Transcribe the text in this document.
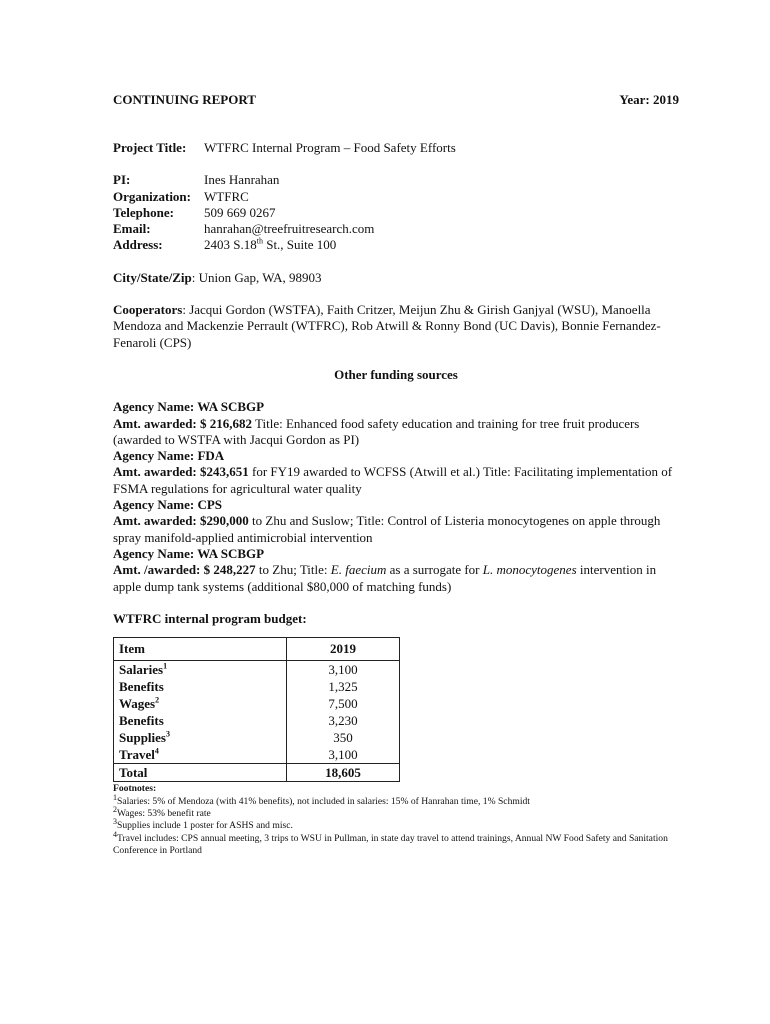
CONTINUING REPORT	Year: 2019
Project Title:	WTFRC Internal Program – Food Safety Efforts
PI:	Ines Hanrahan
Organization:	WTFRC
Telephone:	509 669 0267
Email:	hanrahan@treefruitresearch.com
Address:	2403 S.18th St., Suite 100
City/State/Zip: Union Gap, WA, 98903
Cooperators: Jacqui Gordon (WSTFA), Faith Critzer, Meijun Zhu & Girish Ganjyal (WSU), Manoella Mendoza and Mackenzie Perrault (WTFRC), Rob Atwill & Ronny Bond (UC Davis), Bonnie Fernandez-Fenaroli (CPS)
Other funding sources
Agency Name: WA SCBGP
Amt. awarded: $ 216,682 Title: Enhanced food safety education and training for tree fruit producers (awarded to WSTFA with Jacqui Gordon as PI)
Agency Name: FDA
Amt. awarded: $243,651 for FY19 awarded to WCFSS (Atwill et al.) Title: Facilitating implementation of FSMA regulations for agricultural water quality
Agency Name: CPS
Amt. awarded: $290,000 to Zhu and Suslow; Title: Control of Listeria monocytogenes on apple through spray manifold-applied antimicrobial intervention
Agency Name: WA SCBGP
Amt. /awarded: $ 248,227 to Zhu; Title: E. faecium as a surrogate for L. monocytogenes intervention in apple dump tank systems (additional $80,000 of matching funds)
WTFRC internal program budget:
Item	2019
Salaries$^1$	3,100
Benefits	1,325
Wages$^2$	7,500
Benefits	3,230
Supplies$^3$	350
Travel$^4$	3,100
Total	18,605
Footnotes:
$^1$Salaries: 5% of Mendoza (with 41% benefits), not included in salaries: 15% of Hanrahan time, 1% Schmidt
$^2$Wages: 53% benefit rate
$^3$Supplies include 1 poster for ASHS and misc.
$^4$Travel includes: CPS annual meeting, 3 trips to WSU in Pullman, in state day travel to attend trainings, Annual NW Food Safety and Sanitation Conference in Portland
